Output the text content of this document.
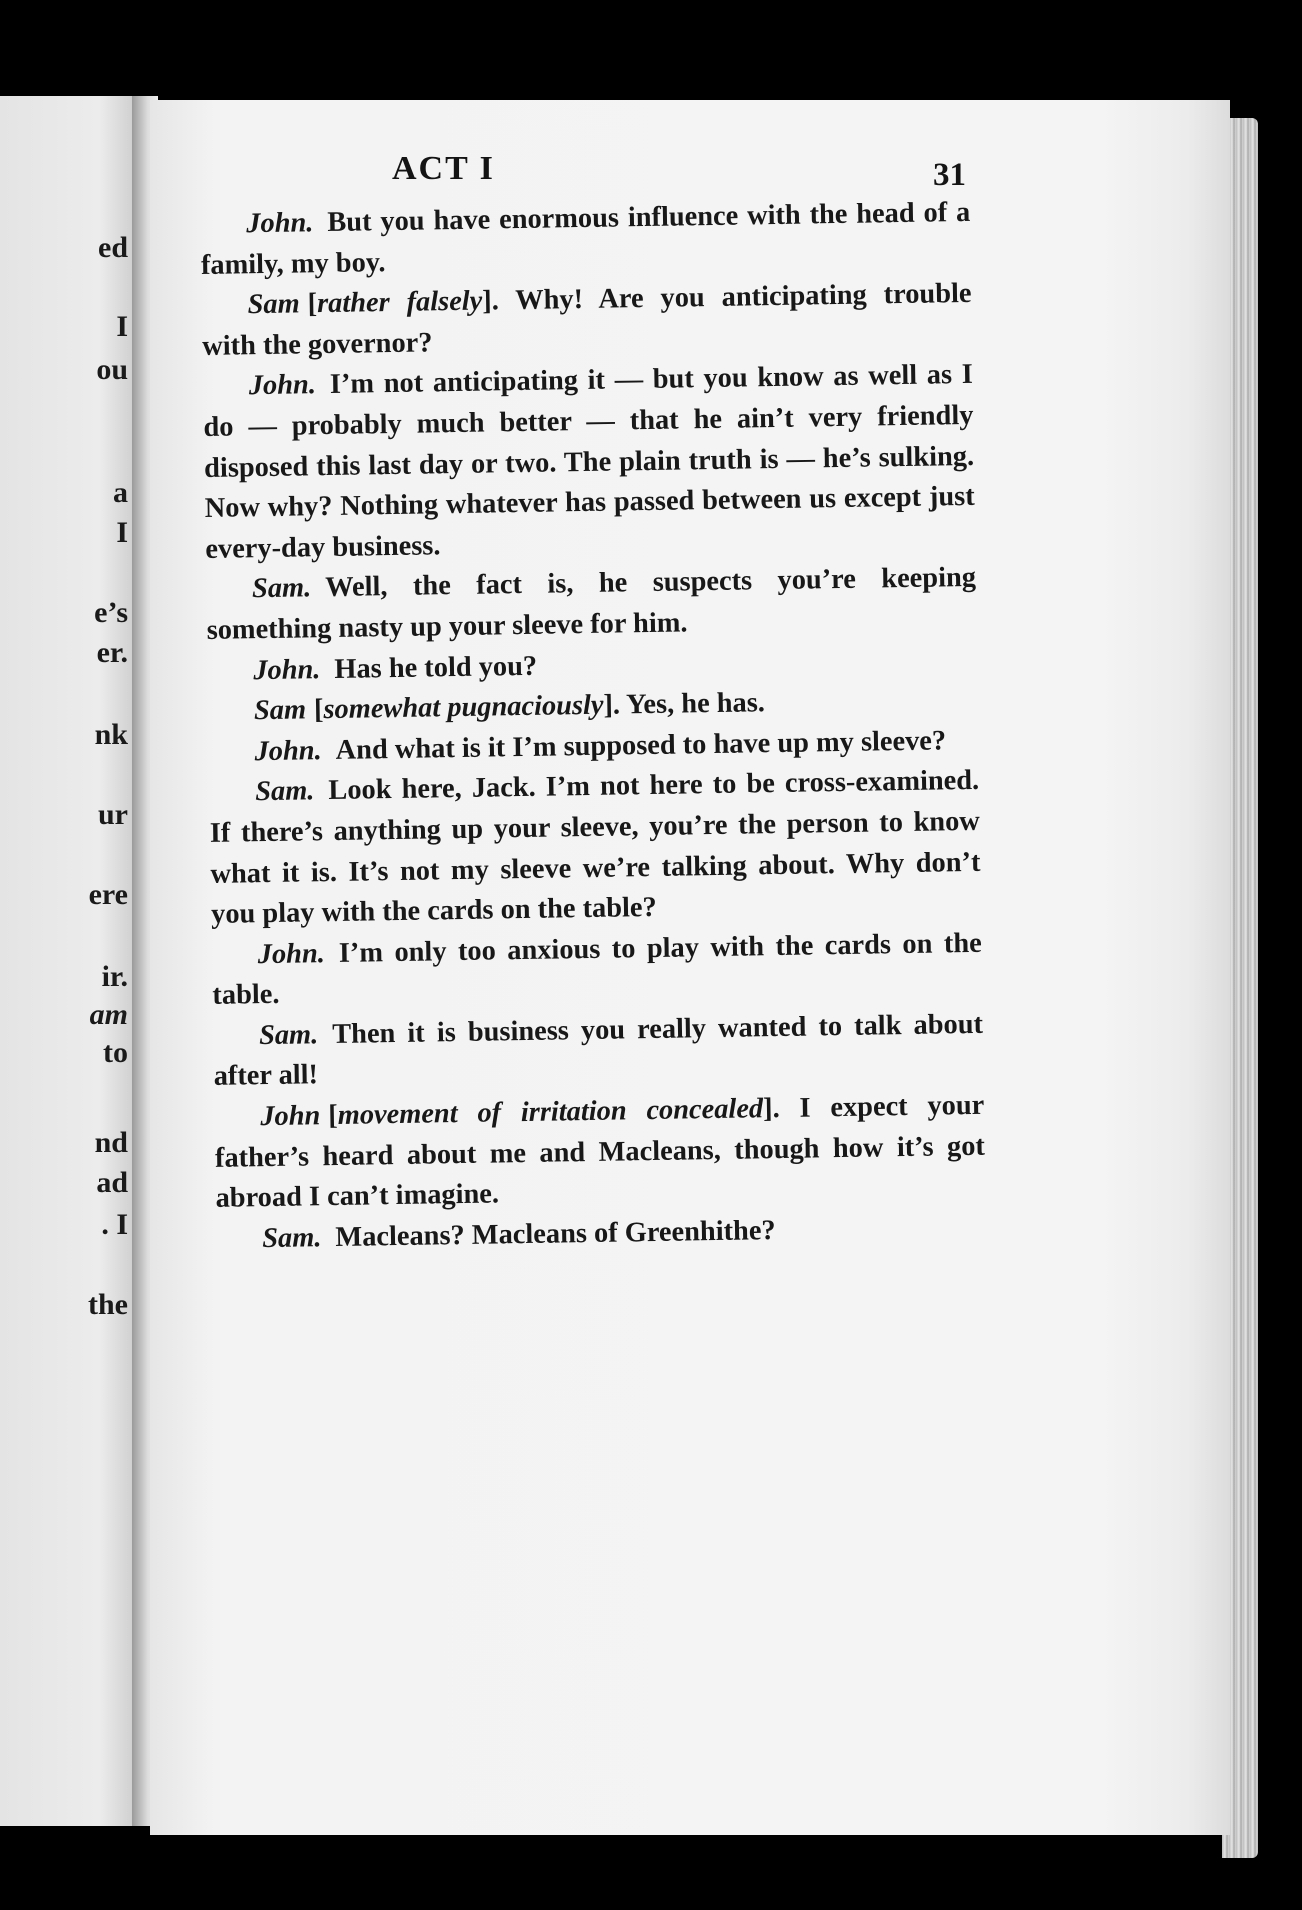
ed
I
ou
a
I
e’s
er.
nk
ur
ere
ir.
am
to
nd
ad
. I
the
ACT I	31

John. But you have enormous influence with the head of a family, my boy.

Sam [rather falsely]. Why! Are you anticipating trouble with the governor?

John. I’m not anticipating it — but you know as well as I do — probably much better — that he ain’t very friendly disposed this last day or two. The plain truth is — he’s sulking. Now why? Nothing whatever has passed between us except just every-day business.

Sam. Well, the fact is, he suspects you’re keeping something nasty up your sleeve for him.

John. Has he told you?

Sam [somewhat pugnaciously]. Yes, he has.

John. And what is it I’m supposed to have up my sleeve?

Sam. Look here, Jack. I’m not here to be cross-examined. If there’s anything up your sleeve, you’re the person to know what it is. It’s not my sleeve we’re talking about. Why don’t you play with the cards on the table?

John. I’m only too anxious to play with the cards on the table.

Sam. Then it is business you really wanted to talk about after all!

John [movement of irritation concealed]. I expect your father’s heard about me and Macleans, though how it’s got abroad I can’t imagine.

Sam. Macleans? Macleans of Greenhithe?
